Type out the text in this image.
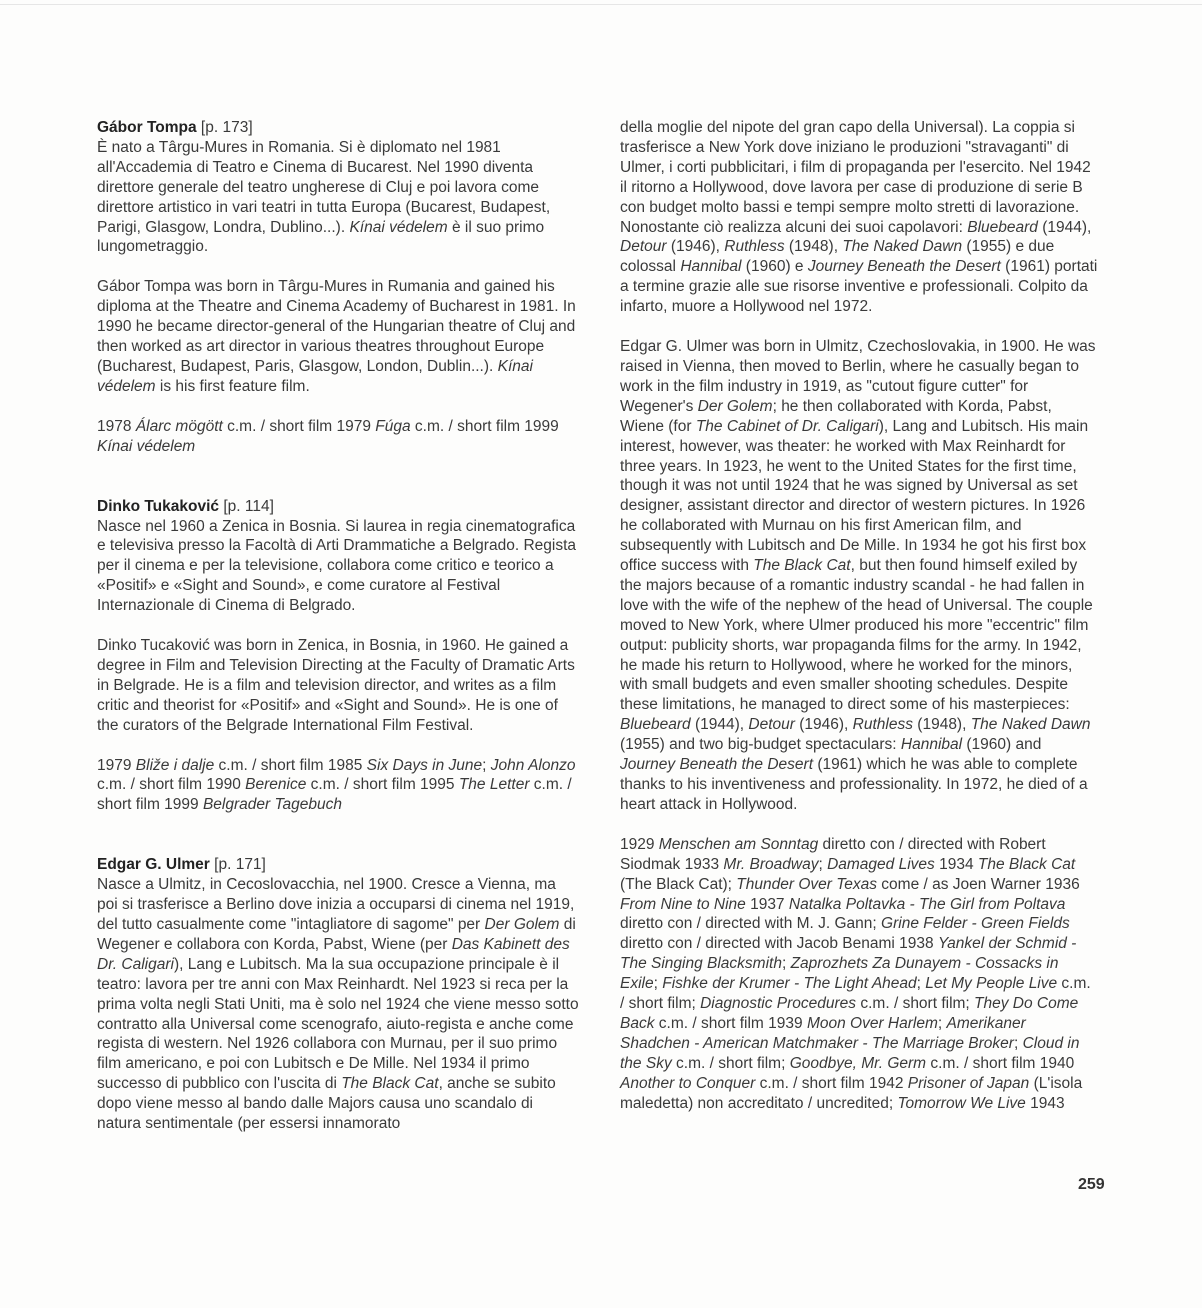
Gábor Tompa [p. 173]

È nato a Târgu-Mures in Romania. Si è diplomato nel 1981 all'Accademia di Teatro e Cinema di Bucarest. Nel 1990 diventa direttore generale del teatro ungherese di Cluj e poi lavora come direttore artistico in vari teatri in tutta Europa (Bucarest, Budapest, Parigi, Glasgow, Londra, Dublino...). Kínai védelem è il suo primo lungometraggio.

Gábor Tompa was born in Târgu-Mures in Rumania and gained his diploma at the Theatre and Cinema Academy of Bucharest in 1981. In 1990 he became director-general of the Hungarian theatre of Cluj and then worked as art director in various theatres throughout Europe (Bucharest, Budapest, Paris, Glasgow, London, Dublin...). Kínai védelem is his first feature film.

1978 Álarc mögött c.m. / short film 1979 Fúga c.m. / short film 1999 Kínai védelem

Dinko Tukaković [p. 114]

Nasce nel 1960 a Zenica in Bosnia. Si laurea in regia cinematografica e televisiva presso la Facoltà di Arti Drammatiche a Belgrado. Regista per il cinema e per la televisione, collabora come critico e teorico a «Positif» e «Sight and Sound», e come curatore al Festival Internazionale di Cinema di Belgrado.

Dinko Tucaković was born in Zenica, in Bosnia, in 1960. He gained a degree in Film and Television Directing at the Faculty of Dramatic Arts in Belgrade. He is a film and television director, and writes as a film critic and theorist for «Positif» and «Sight and Sound». He is one of the curators of the Belgrade International Film Festival.

1979 Bliže i dalje c.m. / short film 1985 Six Days in June; John Alonzo c.m. / short film 1990 Berenice c.m. / short film 1995 The Letter c.m. / short film 1999 Belgrader Tagebuch

Edgar G. Ulmer [p. 171]

Nasce a Ulmitz, in Cecoslovacchia, nel 1900. Cresce a Vienna, ma poi si trasferisce a Berlino dove inizia a occuparsi di cinema nel 1919, del tutto casualmente come "intagliatore di sagome" per Der Golem di Wegener e collabora con Korda, Pabst, Wiene (per Das Kabinett des Dr. Caligari), Lang e Lubitsch. Ma la sua occupazione principale è il teatro: lavora per tre anni con Max Reinhardt. Nel 1923 si reca per la prima volta negli Stati Uniti, ma è solo nel 1924 che viene messo sotto contratto alla Universal come scenografo, aiuto-regista e anche come regista di western. Nel 1926 collabora con Murnau, per il suo primo film americano, e poi con Lubitsch e De Mille. Nel 1934 il primo successo di pubblico con l'uscita di The Black Cat, anche se subito dopo viene messo al bando dalle Majors causa uno scandalo di natura sentimentale (per essersi innamorato

della moglie del nipote del gran capo della Universal). La coppia si trasferisce a New York dove iniziano le produzioni "stravaganti" di Ulmer, i corti pubblicitari, i film di propaganda per l'esercito. Nel 1942 il ritorno a Hollywood, dove lavora per case di produzione di serie B con budget molto bassi e tempi sempre molto stretti di lavorazione. Nonostante ciò realizza alcuni dei suoi capolavori: Bluebeard (1944), Detour (1946), Ruthless (1948), The Naked Dawn (1955) e due colossal Hannibal (1960) e Journey Beneath the Desert (1961) portati a termine grazie alle sue risorse inventive e professionali. Colpito da infarto, muore a Hollywood nel 1972.

Edgar G. Ulmer was born in Ulmitz, Czechoslovakia, in 1900. He was raised in Vienna, then moved to Berlin, where he casually began to work in the film industry in 1919, as "cutout figure cutter" for Wegener's Der Golem; he then collaborated with Korda, Pabst, Wiene (for The Cabinet of Dr. Caligari), Lang and Lubitsch. His main interest, however, was theater: he worked with Max Reinhardt for three years. In 1923, he went to the United States for the first time, though it was not until 1924 that he was signed by Universal as set designer, assistant director and director of western pictures. In 1926 he collaborated with Murnau on his first American film, and subsequently with Lubitsch and De Mille. In 1934 he got his first box office success with The Black Cat, but then found himself exiled by the majors because of a romantic industry scandal - he had fallen in love with the wife of the nephew of the head of Universal. The couple moved to New York, where Ulmer produced his more "eccentric" film output: publicity shorts, war propaganda films for the army. In 1942, he made his return to Hollywood, where he worked for the minors, with small budgets and even smaller shooting schedules. Despite these limitations, he managed to direct some of his masterpieces: Bluebeard (1944), Detour (1946), Ruthless (1948), The Naked Dawn (1955) and two big-budget spectaculars: Hannibal (1960) and Journey Beneath the Desert (1961) which he was able to complete thanks to his inventiveness and professionality. In 1972, he died of a heart attack in Hollywood.

1929 Menschen am Sonntag diretto con / directed with Robert Siodmak 1933 Mr. Broadway; Damaged Lives 1934 The Black Cat (The Black Cat); Thunder Over Texas come / as Joen Warner 1936 From Nine to Nine 1937 Natalka Poltavka - The Girl from Poltava diretto con / directed with M. J. Gann; Grine Felder - Green Fields diretto con / directed with Jacob Benami 1938 Yankel der Schmid - The Singing Blacksmith; Zaprozhets Za Dunayem - Cossacks in Exile; Fishke der Krumer - The Light Ahead; Let My People Live c.m. / short film; Diagnostic Procedures c.m. / short film; They Do Come Back c.m. / short film 1939 Moon Over Harlem; Amerikaner Shadchen - American Matchmaker - The Marriage Broker; Cloud in the Sky c.m. / short film; Goodbye, Mr. Germ c.m. / short film 1940 Another to Conquer c.m. / short film 1942 Prisoner of Japan (L'isola maledetta) non accreditato / uncredited; Tomorrow We Live 1943

259
